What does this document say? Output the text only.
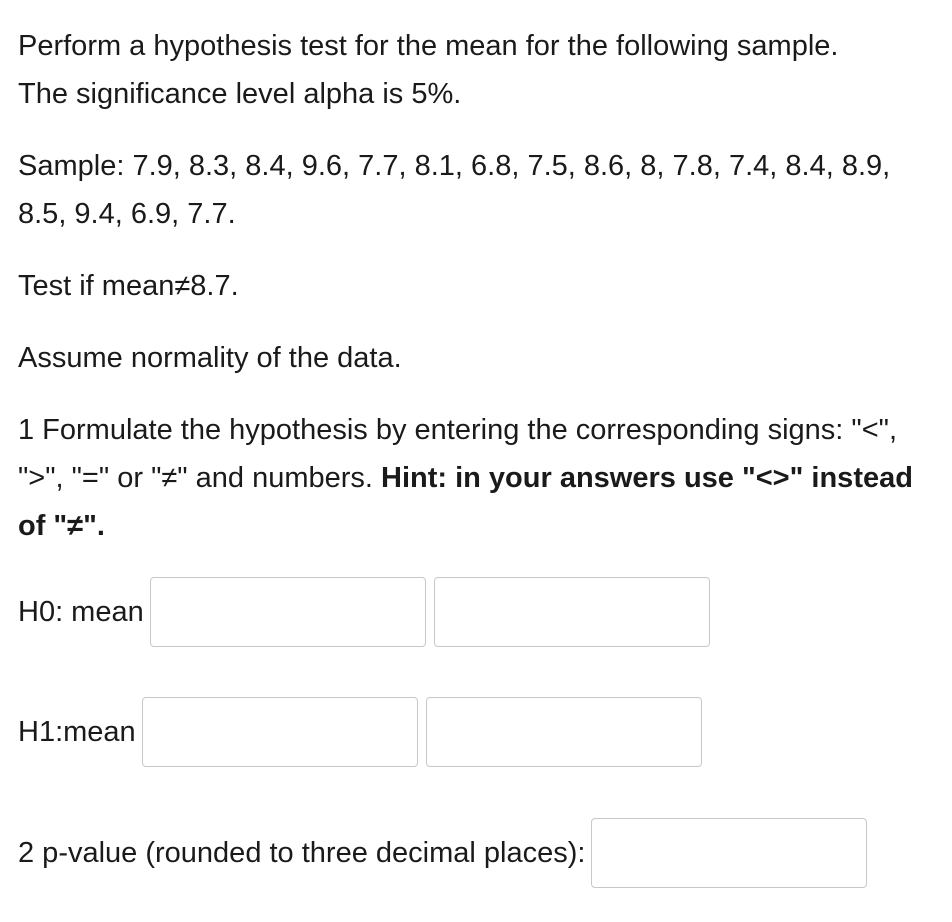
Perform a hypothesis test for the mean for the following sample.
The significance level alpha is 5%.

Sample: 7.9, 8.3, 8.4, 9.6, 7.7, 8.1, 6.8, 7.5, 8.6, 8, 7.8, 7.4, 8.4, 8.9,
8.5, 9.4, 6.9, 7.7.

Test if mean≠8.7.

Assume normality of the data.

1 Formulate the hypothesis by entering the corresponding signs: "<", ">", "=" or "≠" and numbers. Hint: in your answers use "<>" instead of "≠".

H0: mean
H1:mean
2 p-value (rounded to three decimal places):
